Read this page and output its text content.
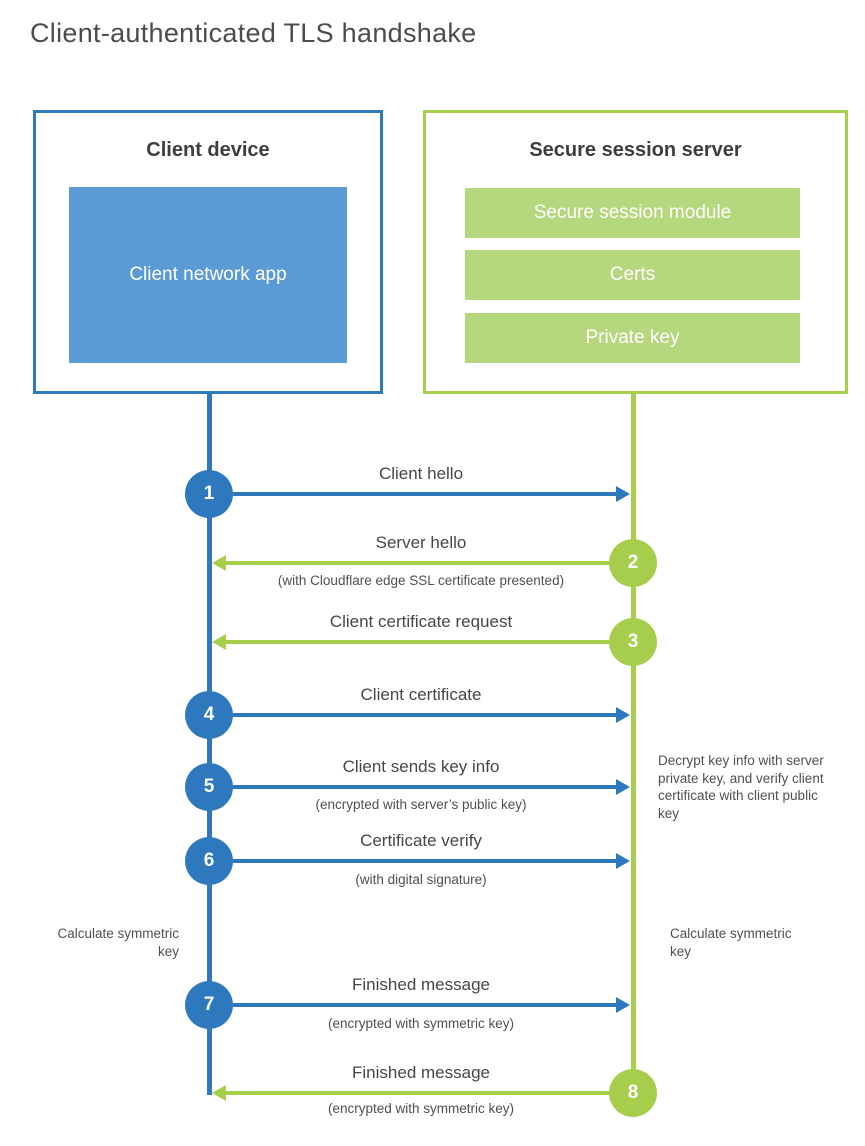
Client-authenticated TLS handshake
Client device
Client network app
Secure session server
Secure session module
Certs
Private key
Client hello
1
Server hello
(with Cloudflare edge SSL certificate presented)
2
Client certificate request
3
Client certificate
4
Client sends key info
(encrypted with server’s public key)
5
Certificate verify
(with digital signature)
6
Decrypt key info with server private key, and verify client certificate with client public key
Calculate symmetric key
Calculate symmetric key
Finished message
(encrypted with symmetric key)
7
Finished message
(encrypted with symmetric key)
8
